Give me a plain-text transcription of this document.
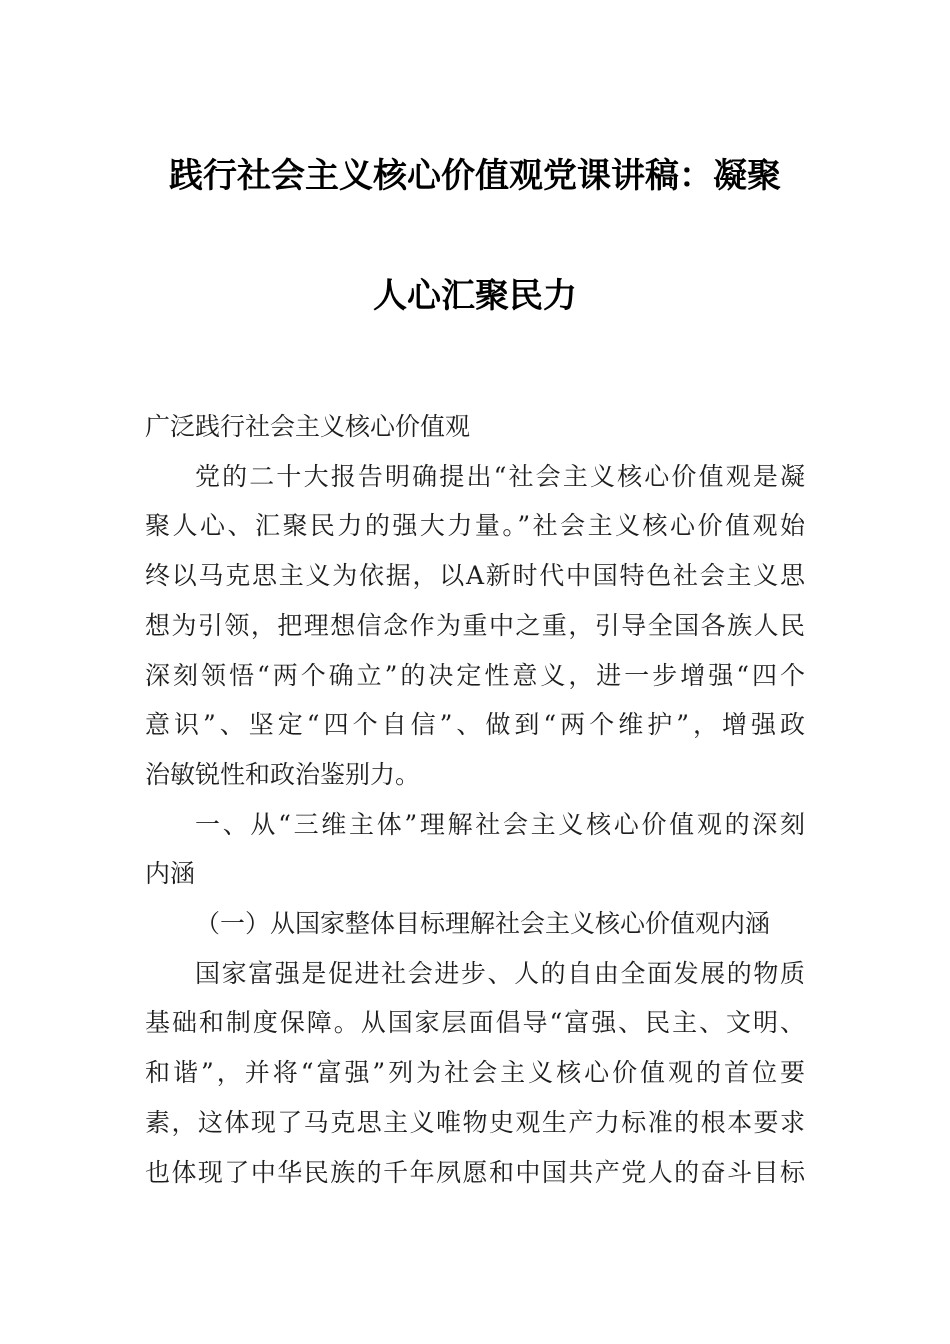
践行社会主义核心价值观党课讲稿：凝聚
人心汇聚民力
广泛践行社会主义核心价值观
党的二十大报告明确提出“社会主义核心价值观是凝
聚人心、汇聚民力的强大力量。”社会主义核心价值观始
终以马克思主义为依据，以A新时代中国特色社会主义思
想为引领，把理想信念作为重中之重，引导全国各族人民
深刻领悟“两个确立”的决定性意义，进一步增强“四个
意识”、坚定“四个自信”、做到“两个维护”，增强政
治敏锐性和政治鉴别力。
一、从“三维主体”理解社会主义核心价值观的深刻
内涵
（一）从国家整体目标理解社会主义核心价值观内涵
国家富强是促进社会进步、人的自由全面发展的物质
基础和制度保障。从国家层面倡导“富强、民主、文明、
和谐”，并将“富强”列为社会主义核心价值观的首位要
素，这体现了马克思主义唯物史观生产力标准的根本要求
也体现了中华民族的千年夙愿和中国共产党人的奋斗目标
